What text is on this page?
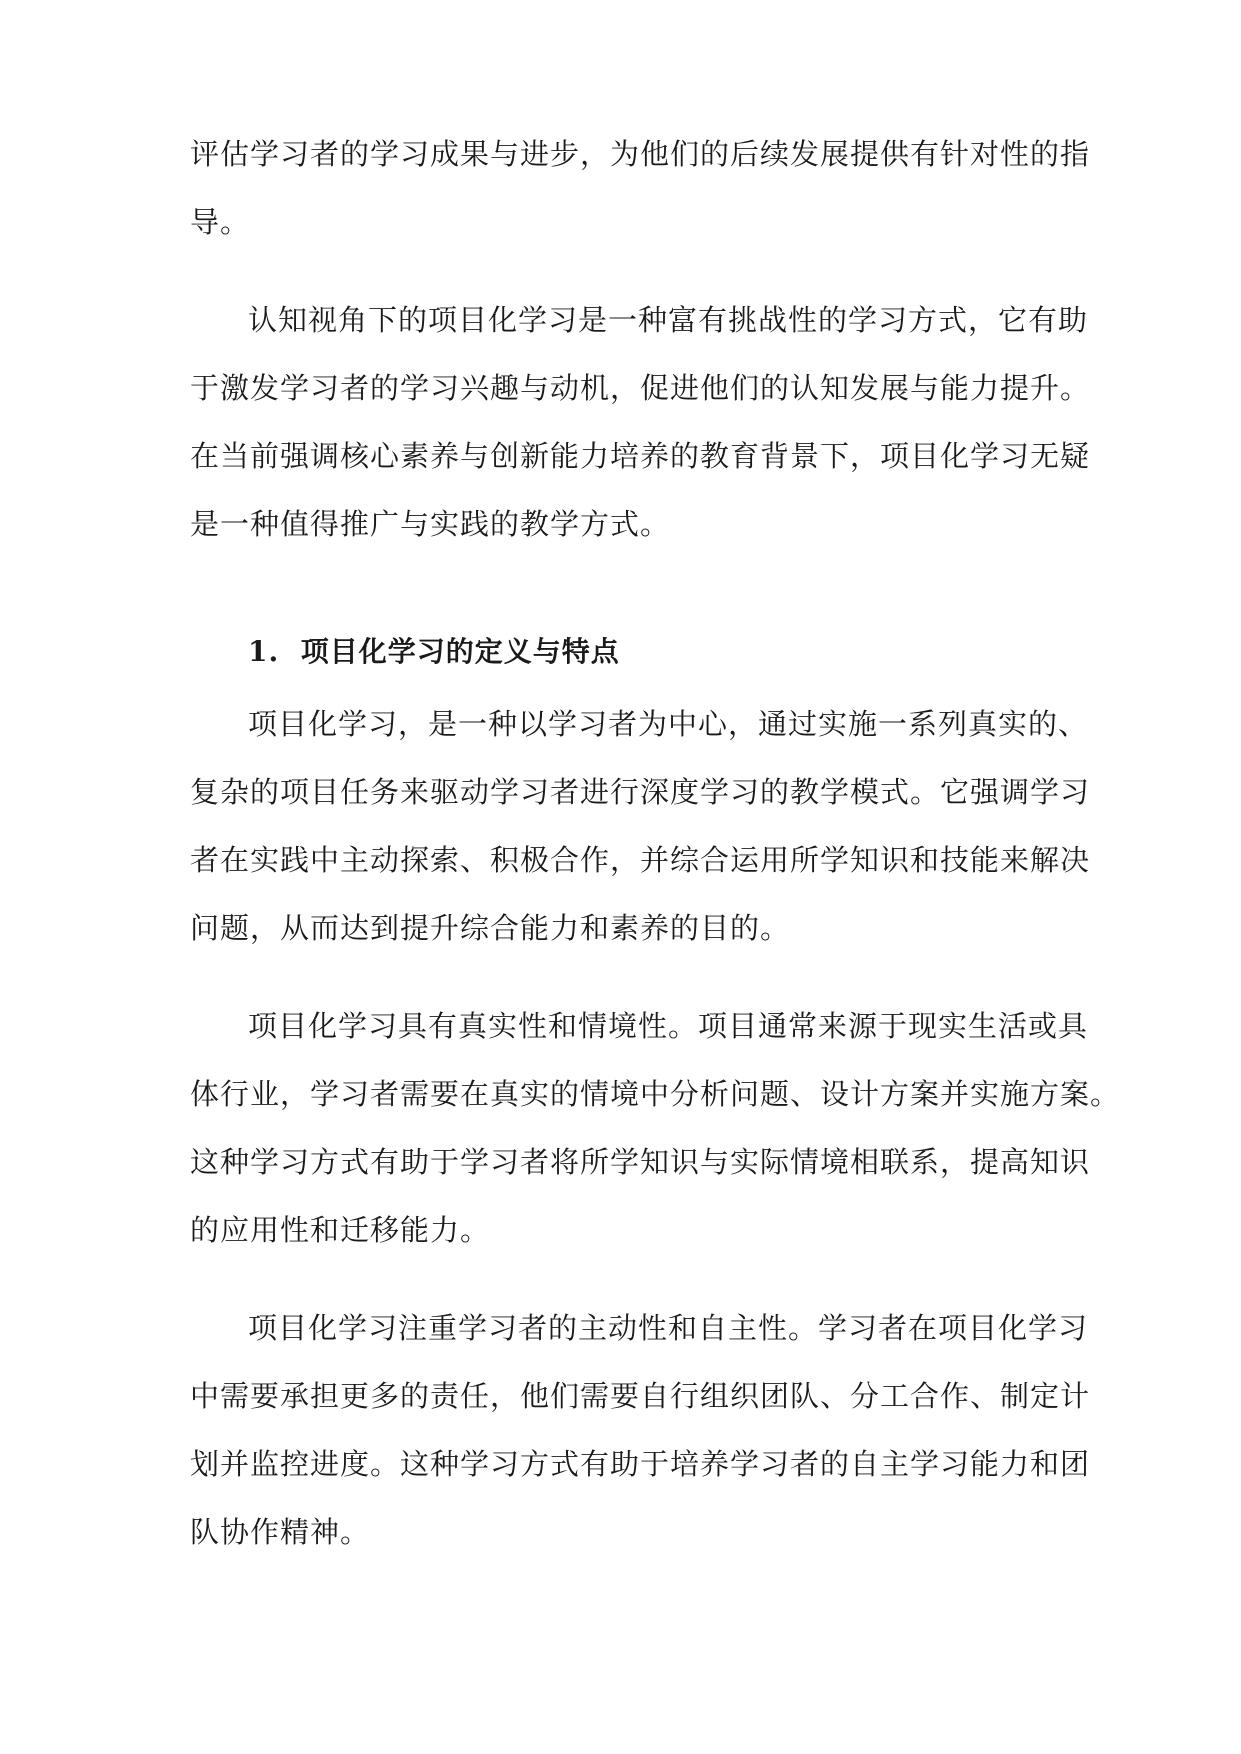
评估学习者的学习成果与进步，为他们的后续发展提供有针对性的指
导。
认知视角下的项目化学习是一种富有挑战性的学习方式，它有助
于激发学习者的学习兴趣与动机，促进他们的认知发展与能力提升。
在当前强调核心素养与创新能力培养的教育背景下，项目化学习无疑
是一种值得推广与实践的教学方式。
1. 项目化学习的定义与特点
项目化学习，是一种以学习者为中心，通过实施一系列真实的、
复杂的项目任务来驱动学习者进行深度学习的教学模式。它强调学习
者在实践中主动探索、积极合作，并综合运用所学知识和技能来解决
问题，从而达到提升综合能力和素养的目的。
项目化学习具有真实性和情境性。项目通常来源于现实生活或具
体行业，学习者需要在真实的情境中分析问题、设计方案并实施方案。
这种学习方式有助于学习者将所学知识与实际情境相联系，提高知识
的应用性和迁移能力。
项目化学习注重学习者的主动性和自主性。学习者在项目化学习
中需要承担更多的责任，他们需要自行组织团队、分工合作、制定计
划并监控进度。这种学习方式有助于培养学习者的自主学习能力和团
队协作精神。
